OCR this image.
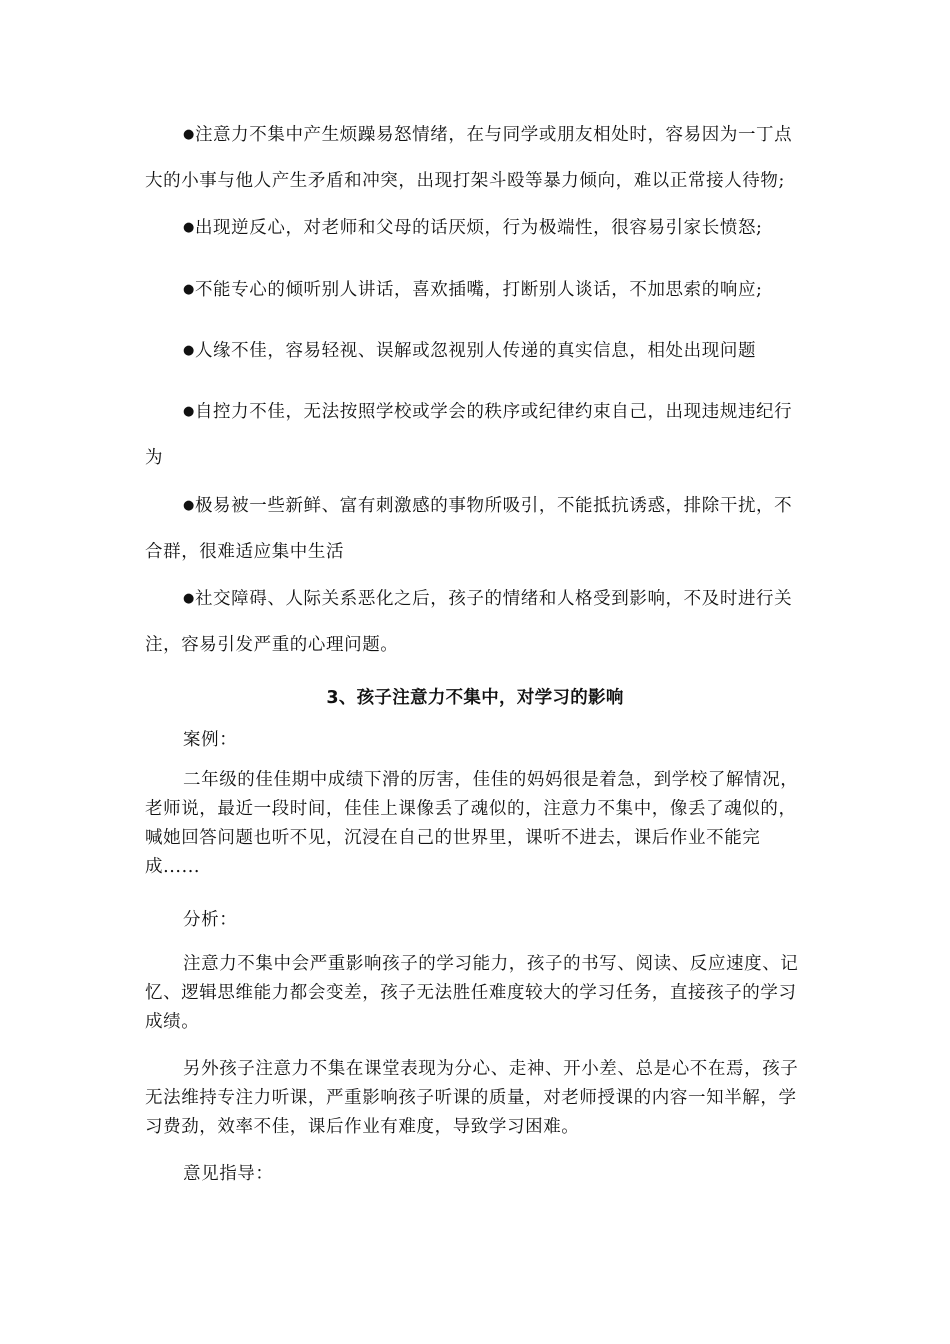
●注意力不集中产生烦躁易怒情绪，在与同学或朋友相处时，容易因为一丁点
大的小事与他人产生矛盾和冲突，出现打架斗殴等暴力倾向，难以正常接人待物;
●出现逆反心，对老师和父母的话厌烦，行为极端性，很容易引家长愤怒;
●不能专心的倾听别人讲话，喜欢插嘴，打断别人谈话，不加思索的响应;
●人缘不佳，容易轻视、误解或忽视别人传递的真实信息，相处出现问题
●自控力不佳，无法按照学校或学会的秩序或纪律约束自己，出现违规违纪行
为
●极易被一些新鲜、富有刺激感的事物所吸引，不能抵抗诱惑，排除干扰，不
合群，很难适应集中生活
●社交障碍、人际关系恶化之后，孩子的情绪和人格受到影响，不及时进行关
注，容易引发严重的心理问题。
3、孩子注意力不集中，对学习的影响
案例：
二年级的佳佳期中成绩下滑的厉害，佳佳的妈妈很是着急，到学校了解情况，老师说，最近一段时间，佳佳上课像丢了魂似的，注意力不集中，像丢了魂似的，喊她回答问题也听不见，沉浸在自己的世界里，课听不进去，课后作业不能完成......
分析：
注意力不集中会严重影响孩子的学习能力，孩子的书写、阅读、反应速度、记忆、逻辑思维能力都会变差，孩子无法胜任难度较大的学习任务，直接孩子的学习成绩。
另外孩子注意力不集在课堂表现为分心、走神、开小差、总是心不在焉，孩子无法维持专注力听课，严重影响孩子听课的质量，对老师授课的内容一知半解，学习费劲，效率不佳，课后作业有难度，导致学习困难。
意见指导：
